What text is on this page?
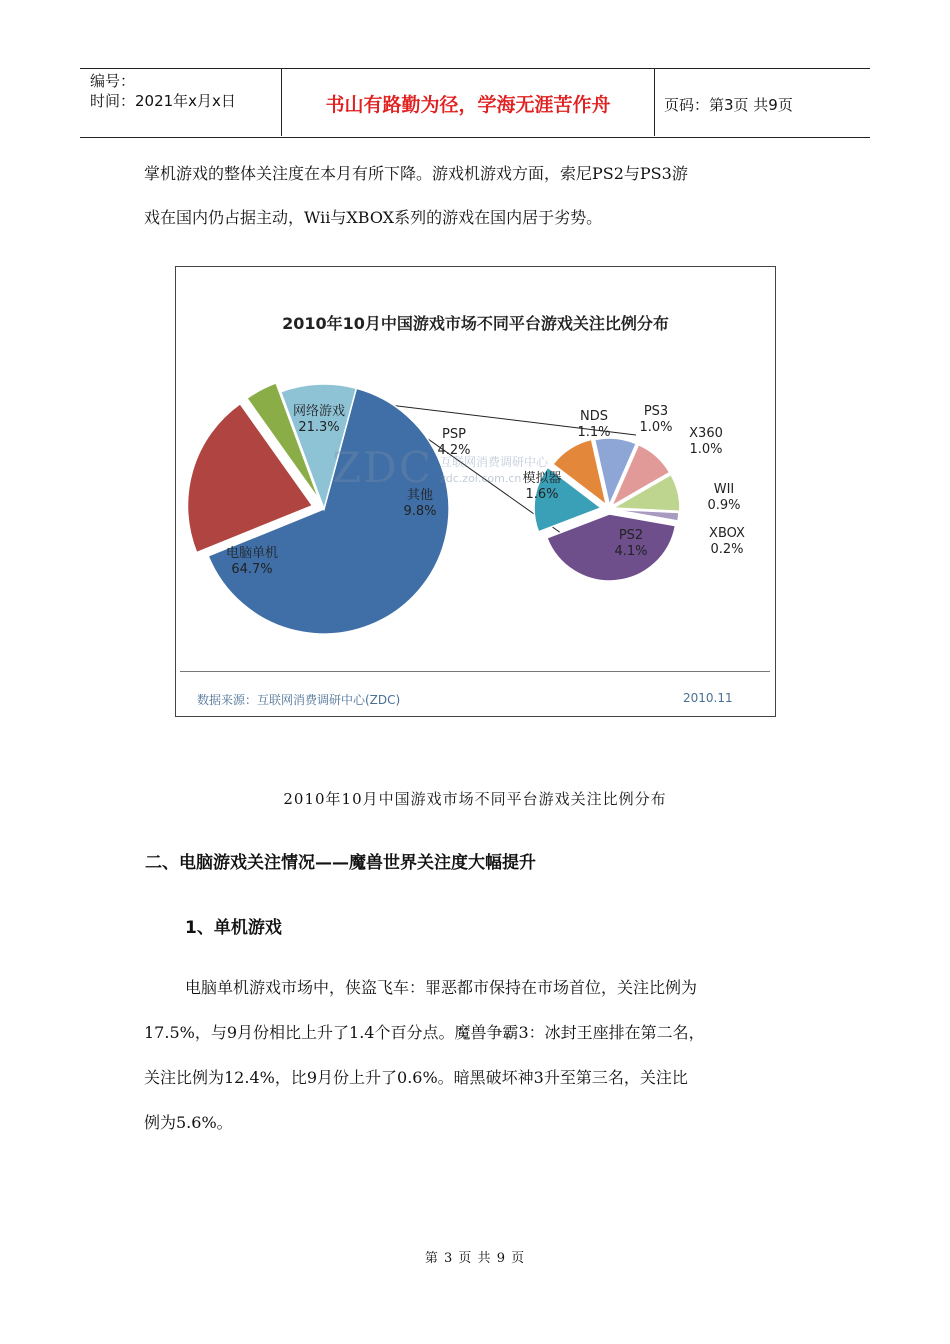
编号：
时间：2021年x月x日	书山有路勤为径，学海无涯苦作舟	页码：第3页 共9页
掌机游戏的整体关注度在本月有所下降。游戏机游戏方面，索尼PS2与PS3游
戏在国内仍占据主动，Wii与XBOX系列的游戏在国内居于劣势。
2010年10月中国游戏市场不同平台游戏关注比例分布
电脑单机 64.7%
网络游戏 21.3%	PSP 4.2%
其他 9.8%
PS2 4.1%
模拟器 1.6%
NDS 1.1%
PS3 1.0% X360 1.0%
WII 0.9%
XBOX 0.2%
ZDC 互联网消费调研中心
zdc.zol.com.cn
数据来源：互联网消费调研中心(ZDC)	2010.11
2010年10月中国游戏市场不同平台游戏关注比例分布
二、电脑游戏关注情况——魔兽世界关注度大幅提升
1、单机游戏
电脑单机游戏市场中，侠盗飞车：罪恶都市保持在市场首位，关注比例为
17.5%，与9月份相比上升了1.4个百分点。魔兽争霸3：冰封王座排在第二名，
关注比例为12.4%，比9月份上升了0.6%。暗黑破坏神3升至第三名，关注比
例为5.6%。
第 3 页 共 9 页
